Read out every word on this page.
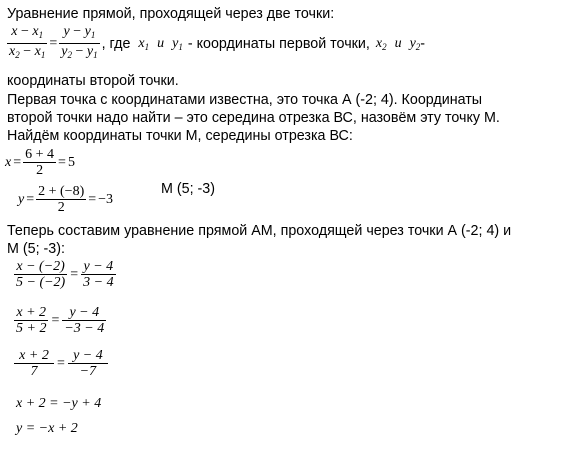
Уравнение прямой, проходящей через две точки:
$\frac{x - x_1}{x_2 - x_1} = \frac{y - y_1}{y_2 - y_1}$ , где $x_1$ и $y_1$ - координаты первой точки, $x_2$ и $y_2$ -
координаты второй точки.
Первая точка с координатами известна, это точка А (-2; 4). Координаты
второй точки надо найти – это середина отрезка ВС, назовём эту точку М.
Найдём координаты точки М, середины отрезка ВС:
$x = \frac{6 + 4}{2} = 5$
$y = \frac{2 + (-8)}{2} = -3$
М (5; -3)
Теперь составим уравнение прямой АМ, проходящей через точки А (-2; 4) и
М (5; -3):
$\frac{x - (-2)}{5 - (-2)} = \frac{y - 4}{3 - 4}$
$\frac{x + 2}{5 + 2} = \frac{y - 4}{-3 - 4}$
$\frac{x + 2}{7} = \frac{y - 4}{-7}$
x + 2 = −y + 4
y = −x + 2
